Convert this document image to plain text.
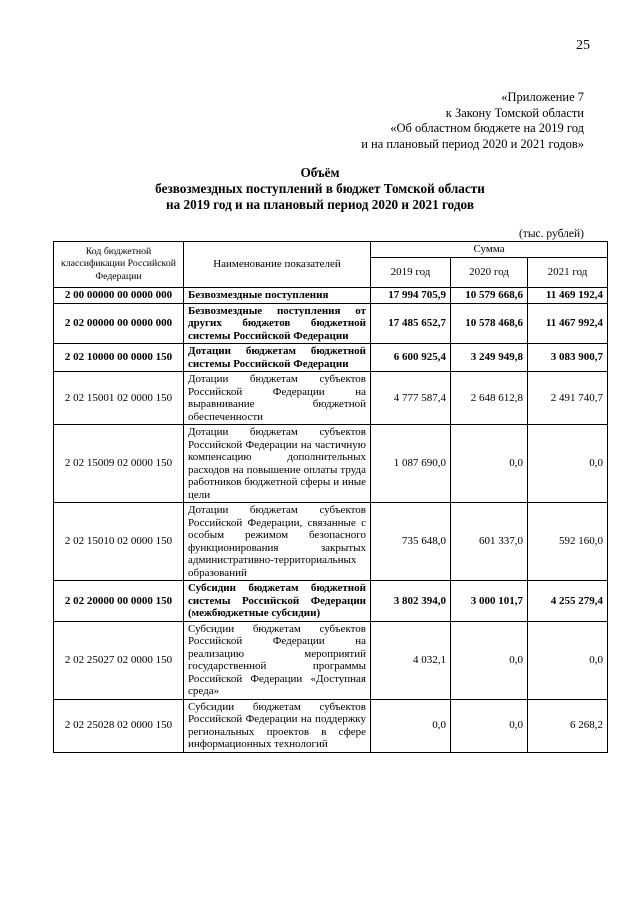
25
«Приложение 7
к Закону Томской области
«Об областном бюджете на 2019 год
и на плановый период 2020 и 2021 годов»
Объём
безвозмездных поступлений в бюджет Томской области
на 2019 год и на плановый период 2020 и 2021 годов
(тыс. рублей)
Код бюджетной классификации Российской Федерации	Наименование показателей	Сумма		
		2019 год	2020 год	2021 год
2 00 00000 00 0000 000	Безвозмездные поступления	17 994 705,9	10 579 668,6	11 469 192,4
2 02 00000 00 0000 000	Безвозмездные поступления от других бюджетов бюджетной системы Российской Федерации	17 485 652,7	10 578 468,6	11 467 992,4
2 02 10000 00 0000 150	Дотации бюджетам бюджетной системы Российской Федерации	6 600 925,4	3 249 949,8	3 083 900,7
2 02 15001 02 0000 150	Дотации бюджетам субъектов Российской Федерации на выравнивание бюджетной обеспеченности	4 777 587,4	2 648 612,8	2 491 740,7
2 02 15009 02 0000 150	Дотации бюджетам субъектов Российской Федерации на частичную компенсацию дополнительных расходов на повышение оплаты труда работников бюджетной сферы и иные цели	1 087 690,0	0,0	0,0
2 02 15010 02 0000 150	Дотации бюджетам субъектов Российской Федерации, связанные с особым режимом безопасного функционирования закрытых административно-территориальных образований	735 648,0	601 337,0	592 160,0
2 02 20000 00 0000 150	Субсидии бюджетам бюджетной системы Российской Федерации (межбюджетные субсидии)	3 802 394,0	3 000 101,7	4 255 279,4
2 02 25027 02 0000 150	Субсидии бюджетам субъектов Российской Федерации на реализацию мероприятий государственной программы Российской Федерации «Доступная среда»	4 032,1	0,0	0,0
2 02 25028 02 0000 150	Субсидии бюджетам субъектов Российской Федерации на поддержку региональных проектов в сфере информационных технологий	0,0	0,0	6 268,2
